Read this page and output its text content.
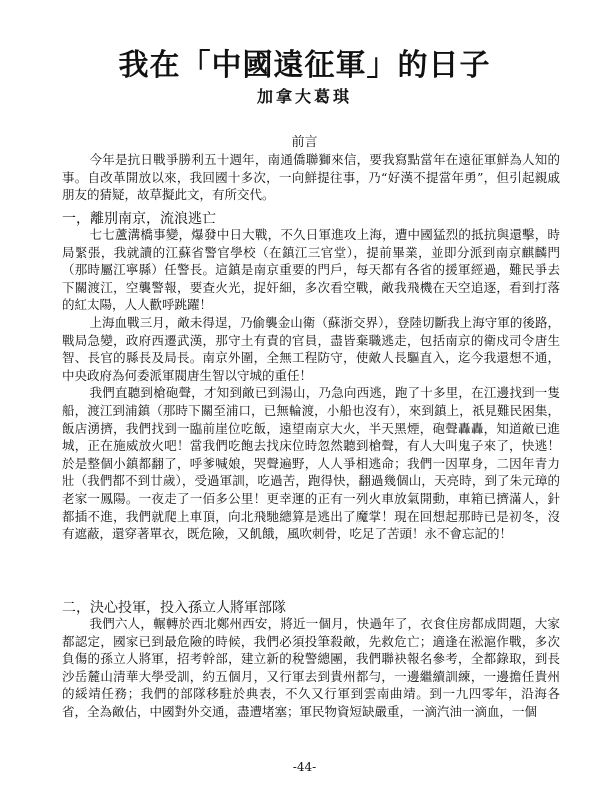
我在「中國遠征軍」的日子
加拿大葛琪
前言

今年是抗日戰爭勝利五十週年，南通僑聯獅來信，要我寫點當年在遠征軍鮮為人知的事。自改革開放以來，我回國十多次，一向鮮提往事，乃“好漢不提當年勇”，但引起親戚朋友的猜疑，故草擬此文，有所交代。

一，離別南京，流浪逃亡

七七蘆溝橋事變，爆發中日大戰，不久日軍進攻上海，遭中國猛烈的抵抗與還擊，時局緊張，我就讀的江蘇省警官學校（在鎮江三官堂），提前畢業，並即分派到南京麒麟門（那時屬江寧縣）任警長。這鎮是南京重要的門戶，每天都有各省的援軍經過，難民爭去下關渡江，空襲警報，要查火光，捉奸細，多次看空戰，敵我飛機在天空追逐，看到打落的紅太陽，人人歡呼跳躍！

上海血戰三月，敵未得逞，乃偷襲金山衛（蘇浙交界），登陸切斷我上海守軍的後路，戰局急變，政府西遷武漢，那守土有責的官員，盡皆棄職逃走，包括南京的衛戍司令唐生智、長官的縣長及局長。南京外圍，全無工程防守，使敵人長驅直入，迄今我還想不通，中央政府為何委派軍閥唐生智以守城的重任！

我們直聽到槍砲聲，才知到敵已到湯山，乃急向西逃，跑了十多里，在江邊找到一隻船，渡江到浦鎮（那時下關至浦口，已無輪渡，小船也沒有），來到鎮上，祇見難民困集，飯店湧擠，我們找到一臨前崖位吃飯，遠望南京大火，半天黑煙，砲聲轟轟，知道敵已進城，正在施威放火吧！當我們吃飽去找床位時忽然聽到槍聲，有人大叫鬼子來了，快逃！於是整個小鎮都翻了，呼爹喊娘，哭聲遍野，人人爭相逃命；我們一因單身，二因年青力壯（我們都不到廿歲），受過軍訓，吃過苦，跑得快，翻過幾個山，天亮時，到了朱元璋的老家一鳳陽。一夜走了一佰多公里！更幸運的正有一列火車放氣開動，車箱已擠滿人，針都插不進，我們就爬上車頂，向北飛馳總算是逃出了魔掌！現在回想起那時已是初冬，沒有遮蔽，還穿著單衣，既危險，又飢餓，風吹刺骨，吃足了苦頭！永不會忘記的！

二，決心投軍，投入孫立人將軍部隊

我們六人，輾轉於西北鄭州西安，將近一個月，快過年了，衣食住房都成問題，大家都認定，國家已到最危險的時候，我們必須投筆殺敵，先救危亡；適逢在淞滬作戰，多次負傷的孫立人將軍，招考幹部，建立新的稅警總團，我們聯袂報名參考，全都錄取，到長沙岳麓山清華大學受訓，約五個月，又行軍去到貴州都勻，一邊繼續訓練，一邊擔任貴州的綏靖任務；我們的部隊移駐於典表，不久又行軍到雲南曲靖。到一九四零年，沿海各省，全為敵佔，中國對外交通，盡遭堵塞；軍民物資短缺嚴重，一滴汽油一滴血，一個

-44-
